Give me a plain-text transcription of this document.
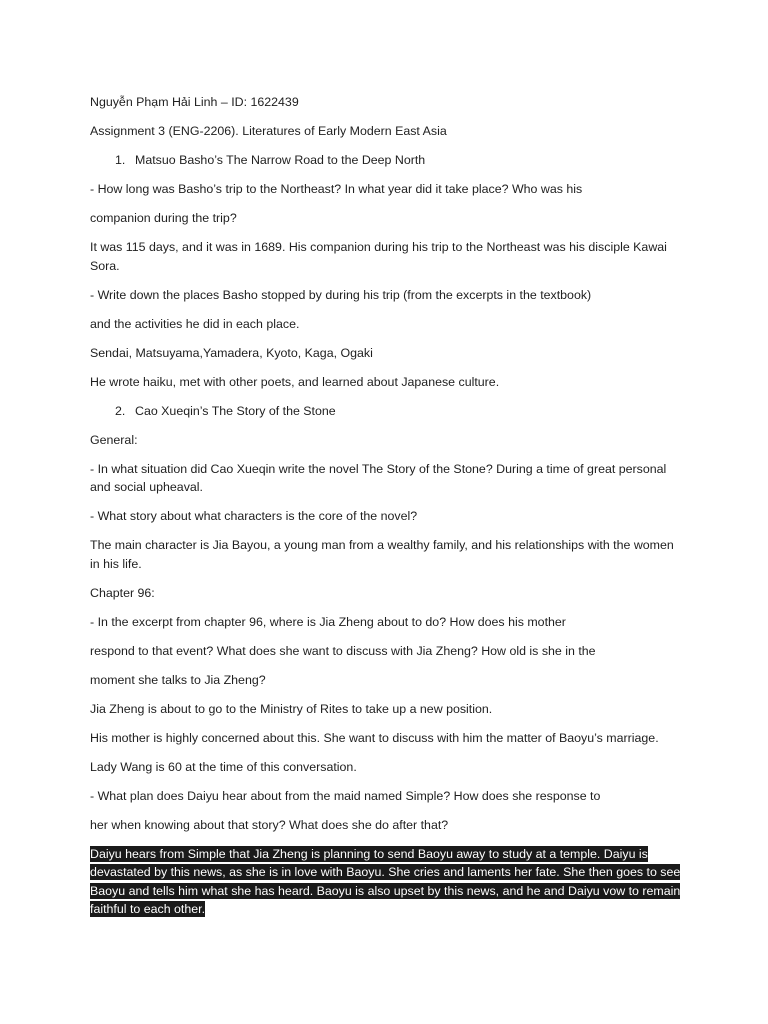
Nguyễn Phạm Hải Linh – ID: 1622439

Assignment 3 (ENG-2206). Literatures of Early Modern East Asia

1. Matsuo Basho’s The Narrow Road to the Deep North

- How long was Basho’s trip to the Northeast? In what year did it take place? Who was his

companion during the trip?

It was 115 days, and it was in 1689. His companion during his trip to the Northeast was his disciple Kawai Sora.

- Write down the places Basho stopped by during his trip (from the excerpts in the textbook)

and the activities he did in each place.

Sendai, Matsuyama,Yamadera, Kyoto, Kaga, Ogaki

He wrote haiku, met with other poets, and learned about Japanese culture.

2. Cao Xueqin’s The Story of the Stone

General:

- In what situation did Cao Xueqin write the novel The Story of the Stone? During a time of great personal and social upheaval.

- What story about what characters is the core of the novel?

The main character is Jia Bayou, a young man from a wealthy family, and his relationships with the women in his life.

Chapter 96:

- In the excerpt from chapter 96, where is Jia Zheng about to do? How does his mother

respond to that event? What does she want to discuss with Jia Zheng? How old is she in the

moment she talks to Jia Zheng?

Jia Zheng is about to go to the Ministry of Rites to take up a new position.

His mother is highly concerned about this. She want to discuss with him the matter of Baoyu’s marriage.

Lady Wang is 60 at the time of this conversation.

- What plan does Daiyu hear about from the maid named Simple? How does she response to

her when knowing about that story? What does she do after that?

Daiyu hears from Simple that Jia Zheng is planning to send Baoyu away to study at a temple. Daiyu is devastated by this news, as she is in love with Baoyu. She cries and laments her fate. She then goes to see Baoyu and tells him what she has heard. Baoyu is also upset by this news, and he and Daiyu vow to remain faithful to each other.
